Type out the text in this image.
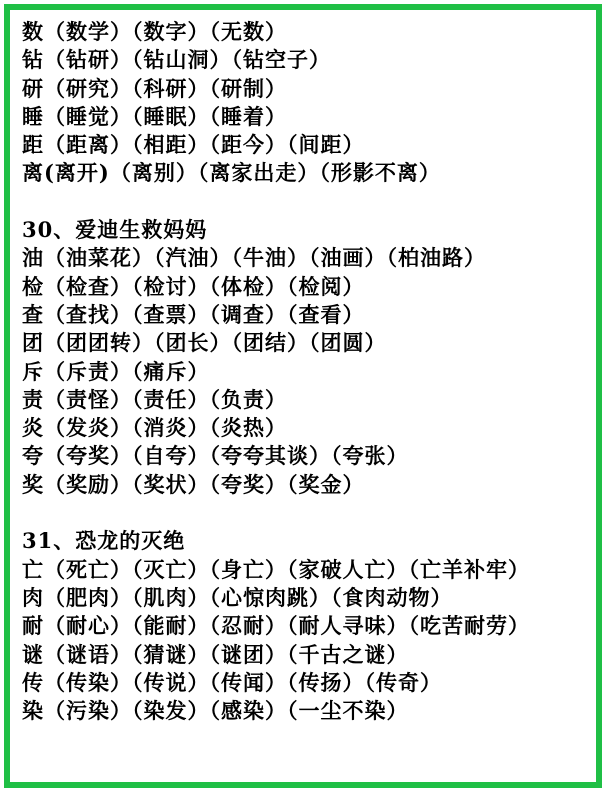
数（数学）（数字）（无数）
钻（钻研）（钻山洞）（钻空子）
研（研究）（科研）（研制）
睡（睡觉）（睡眠）（睡着）
距（距离）（相距）（距今）（间距）
离(离开)（离别）（离家出走）（形影不离）
30、爱迪生救妈妈
油（油菜花）（汽油）（牛油）（油画）（柏油路）
检（检查）（检讨）（体检）（检阅）
查（查找）（查票）（调查）（查看）
团（团团转）（团长）（团结）（团圆）
斥（斥责）（痛斥）
责（责怪）（责任）（负责）
炎（发炎）（消炎）（炎热）
夸（夸奖）（自夸）（夸夸其谈）（夸张）
奖（奖励）（奖状）（夸奖）（奖金）
31、恐龙的灭绝
亡（死亡）（灭亡）（身亡）（家破人亡）（亡羊补牢）
肉（肥肉）（肌肉）（心惊肉跳）（食肉动物）
耐（耐心）（能耐）（忍耐）（耐人寻味）（吃苦耐劳）
谜（谜语）（猜谜）（谜团）（千古之谜）
传（传染）（传说）（传闻）（传扬）（传奇）
染（污染）（染发）（感染）（一尘不染）
